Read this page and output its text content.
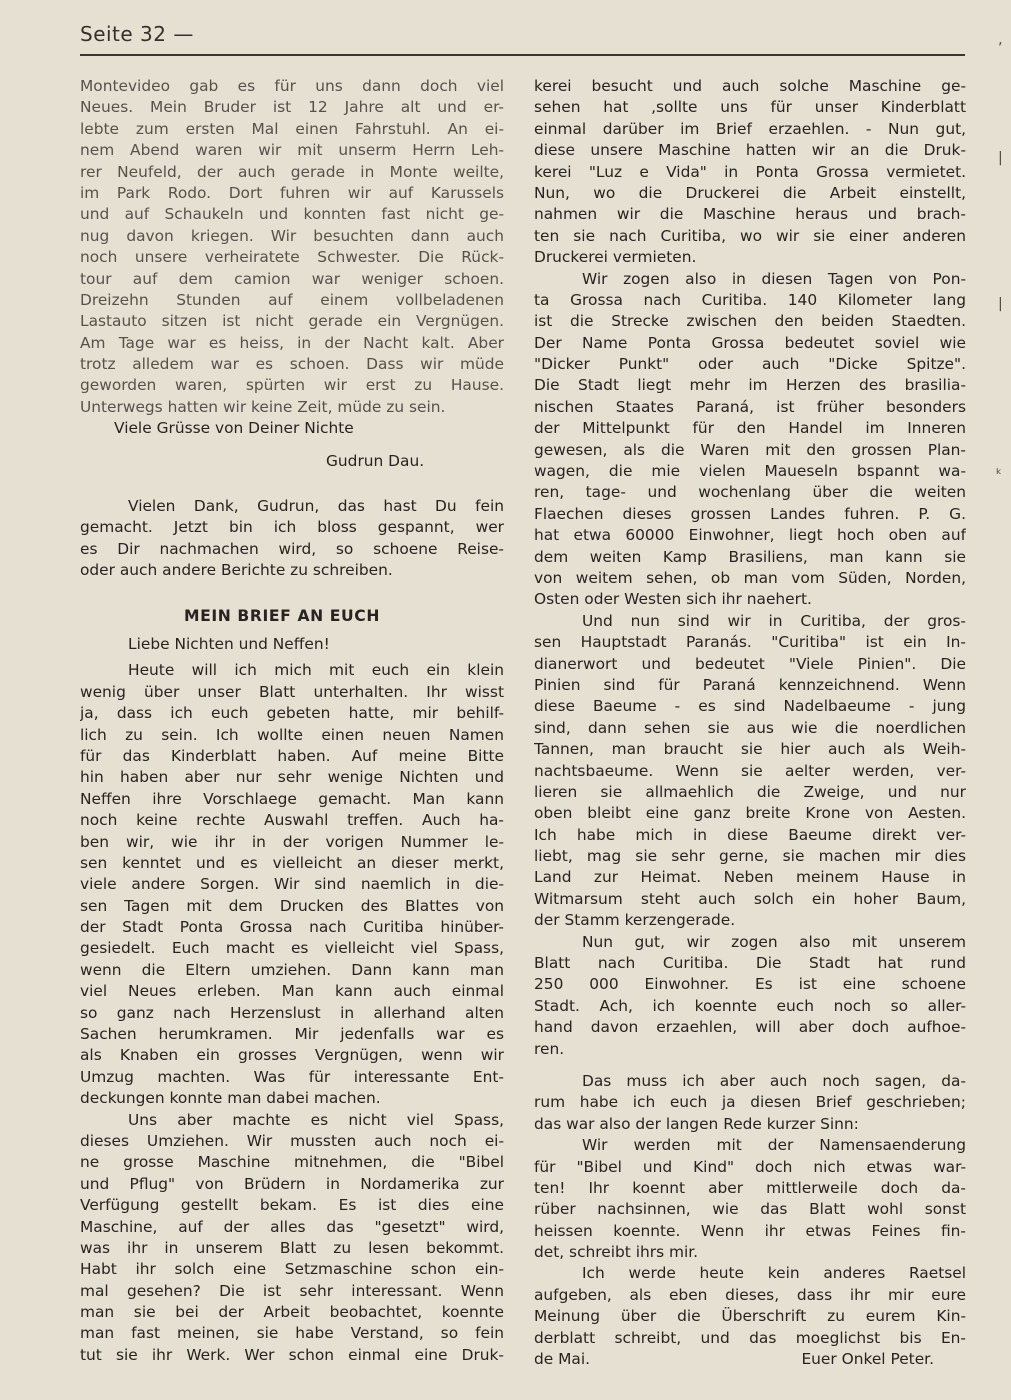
Seite 32 —	‚
|
|
ₖ
Montevideo gab es für uns dann doch viel
Neues. Mein Bruder ist 12 Jahre alt und er-
lebte zum ersten Mal einen Fahrstuhl. An ei-
nem Abend waren wir mit unserm Herrn Leh-
rer Neufeld, der auch gerade in Monte weilte,
im Park Rodo. Dort fuhren wir auf Karussels
und auf Schaukeln und konnten fast nicht ge-
nug davon kriegen. Wir besuchten dann auch
noch unsere verheiratete Schwester. Die Rück-
tour auf dem camion war weniger schoen.
Dreizehn Stunden auf einem vollbeladenen
Lastauto sitzen ist nicht gerade ein Vergnügen.
Am Tage war es heiss, in der Nacht kalt. Aber
trotz alledem war es schoen. Dass wir müde
geworden waren, spürten wir erst zu Hause.
Unterwegs hatten wir keine Zeit, müde zu sein.
Viele Grüsse von Deiner Nichte
Gudrun Dau.
Vielen Dank, Gudrun, das hast Du fein
gemacht. Jetzt bin ich bloss gespannt, wer
es Dir nachmachen wird, so schoene Reise-
oder auch andere Berichte zu schreiben.
MEIN BRIEF AN EUCH
Liebe Nichten und Neffen!
Heute will ich mich mit euch ein klein
wenig über unser Blatt unterhalten. Ihr wisst
ja, dass ich euch gebeten hatte, mir behilf-
lich zu sein. Ich wollte einen neuen Namen
für das Kinderblatt haben. Auf meine Bitte
hin haben aber nur sehr wenige Nichten und
Neffen ihre Vorschlaege gemacht. Man kann
noch keine rechte Auswahl treffen. Auch ha-
ben wir, wie ihr in der vorigen Nummer le-
sen kenntet und es vielleicht an dieser merkt,
viele andere Sorgen. Wir sind naemlich in die-
sen Tagen mit dem Drucken des Blattes von
der Stadt Ponta Grossa nach Curitiba hinüber-
gesiedelt. Euch macht es vielleicht viel Spass,
wenn die Eltern umziehen. Dann kann man
viel Neues erleben. Man kann auch einmal
so ganz nach Herzenslust in allerhand alten
Sachen herumkramen. Mir jedenfalls war es
als Knaben ein grosses Vergnügen, wenn wir
Umzug machten. Was für interessante Ent-
deckungen konnte man dabei machen.
Uns aber machte es nicht viel Spass,
dieses Umziehen. Wir mussten auch noch ei-
ne grosse Maschine mitnehmen, die "Bibel
und Pflug" von Brüdern in Nordamerika zur
Verfügung gestellt bekam. Es ist dies eine
Maschine, auf der alles das "gesetzt" wird,
was ihr in unserem Blatt zu lesen bekommt.
Habt ihr solch eine Setzmaschine schon ein-
mal gesehen? Die ist sehr interessant. Wenn
man sie bei der Arbeit beobachtet, koennte
man fast meinen, sie habe Verstand, so fein
tut sie ihr Werk. Wer schon einmal eine Druk-
kerei besucht und auch solche Maschine ge-
sehen hat ,sollte uns für unser Kinderblatt
einmal darüber im Brief erzaehlen. - Nun gut,
diese unsere Maschine hatten wir an die Druk-
kerei "Luz e Vida" in Ponta Grossa vermietet.
Nun, wo die Druckerei die Arbeit einstellt,
nahmen wir die Maschine heraus und brach-
ten sie nach Curitiba, wo wir sie einer anderen
Druckerei vermieten.
Wir zogen also in diesen Tagen von Pon-
ta Grossa nach Curitiba. 140 Kilometer lang
ist die Strecke zwischen den beiden Staedten.
Der Name Ponta Grossa bedeutet soviel wie
"Dicker Punkt" oder auch "Dicke Spitze".
Die Stadt liegt mehr im Herzen des brasilia-
nischen Staates Paraná, ist früher besonders
der Mittelpunkt für den Handel im Inneren
gewesen, als die Waren mit den grossen Plan-
wagen, die mie vielen Maueseln bspannt wa-
ren, tage- und wochenlang über die weiten
Flaechen dieses grossen Landes fuhren. P. G.
hat etwa 60000 Einwohner, liegt hoch oben auf
dem weiten Kamp Brasiliens, man kann sie
von weitem sehen, ob man vom Süden, Norden,
Osten oder Westen sich ihr naehert.
Und nun sind wir in Curitiba, der gros-
sen Hauptstadt Paranás. "Curitiba" ist ein In-
dianerwort und bedeutet "Viele Pinien". Die
Pinien sind für Paraná kennzeichnend. Wenn
diese Baeume - es sind Nadelbaeume - jung
sind, dann sehen sie aus wie die noerdlichen
Tannen, man braucht sie hier auch als Weih-
nachtsbaeume. Wenn sie aelter werden, ver-
lieren sie allmaehlich die Zweige, und nur
oben bleibt eine ganz breite Krone von Aesten.
Ich habe mich in diese Baeume direkt ver-
liebt, mag sie sehr gerne, sie machen mir dies
Land zur Heimat. Neben meinem Hause in
Witmarsum steht auch solch ein hoher Baum,
der Stamm kerzengerade.
Nun gut, wir zogen also mit unserem
Blatt nach Curitiba. Die Stadt hat rund
250 000 Einwohner. Es ist eine schoene
Stadt. Ach, ich koennte euch noch so aller-
hand davon erzaehlen, will aber doch aufhoe-
ren.
Das muss ich aber auch noch sagen, da-
rum habe ich euch ja diesen Brief geschrieben;
das war also der langen Rede kurzer Sinn:
Wir werden mit der Namensaenderung
für "Bibel und Kind" doch nich etwas war-
ten! Ihr koennt aber mittlerweile doch da-
rüber nachsinnen, wie das Blatt wohl sonst
heissen koennte. Wenn ihr etwas Feines fin-
det, schreibt ihrs mir.
Ich werde heute kein anderes Raetsel
aufgeben, als eben dieses, dass ihr mir eure
Meinung über die Überschrift zu eurem Kin-
derblatt schreibt, und das moeglichst bis En-
de Mai.	Euer Onkel Peter.
